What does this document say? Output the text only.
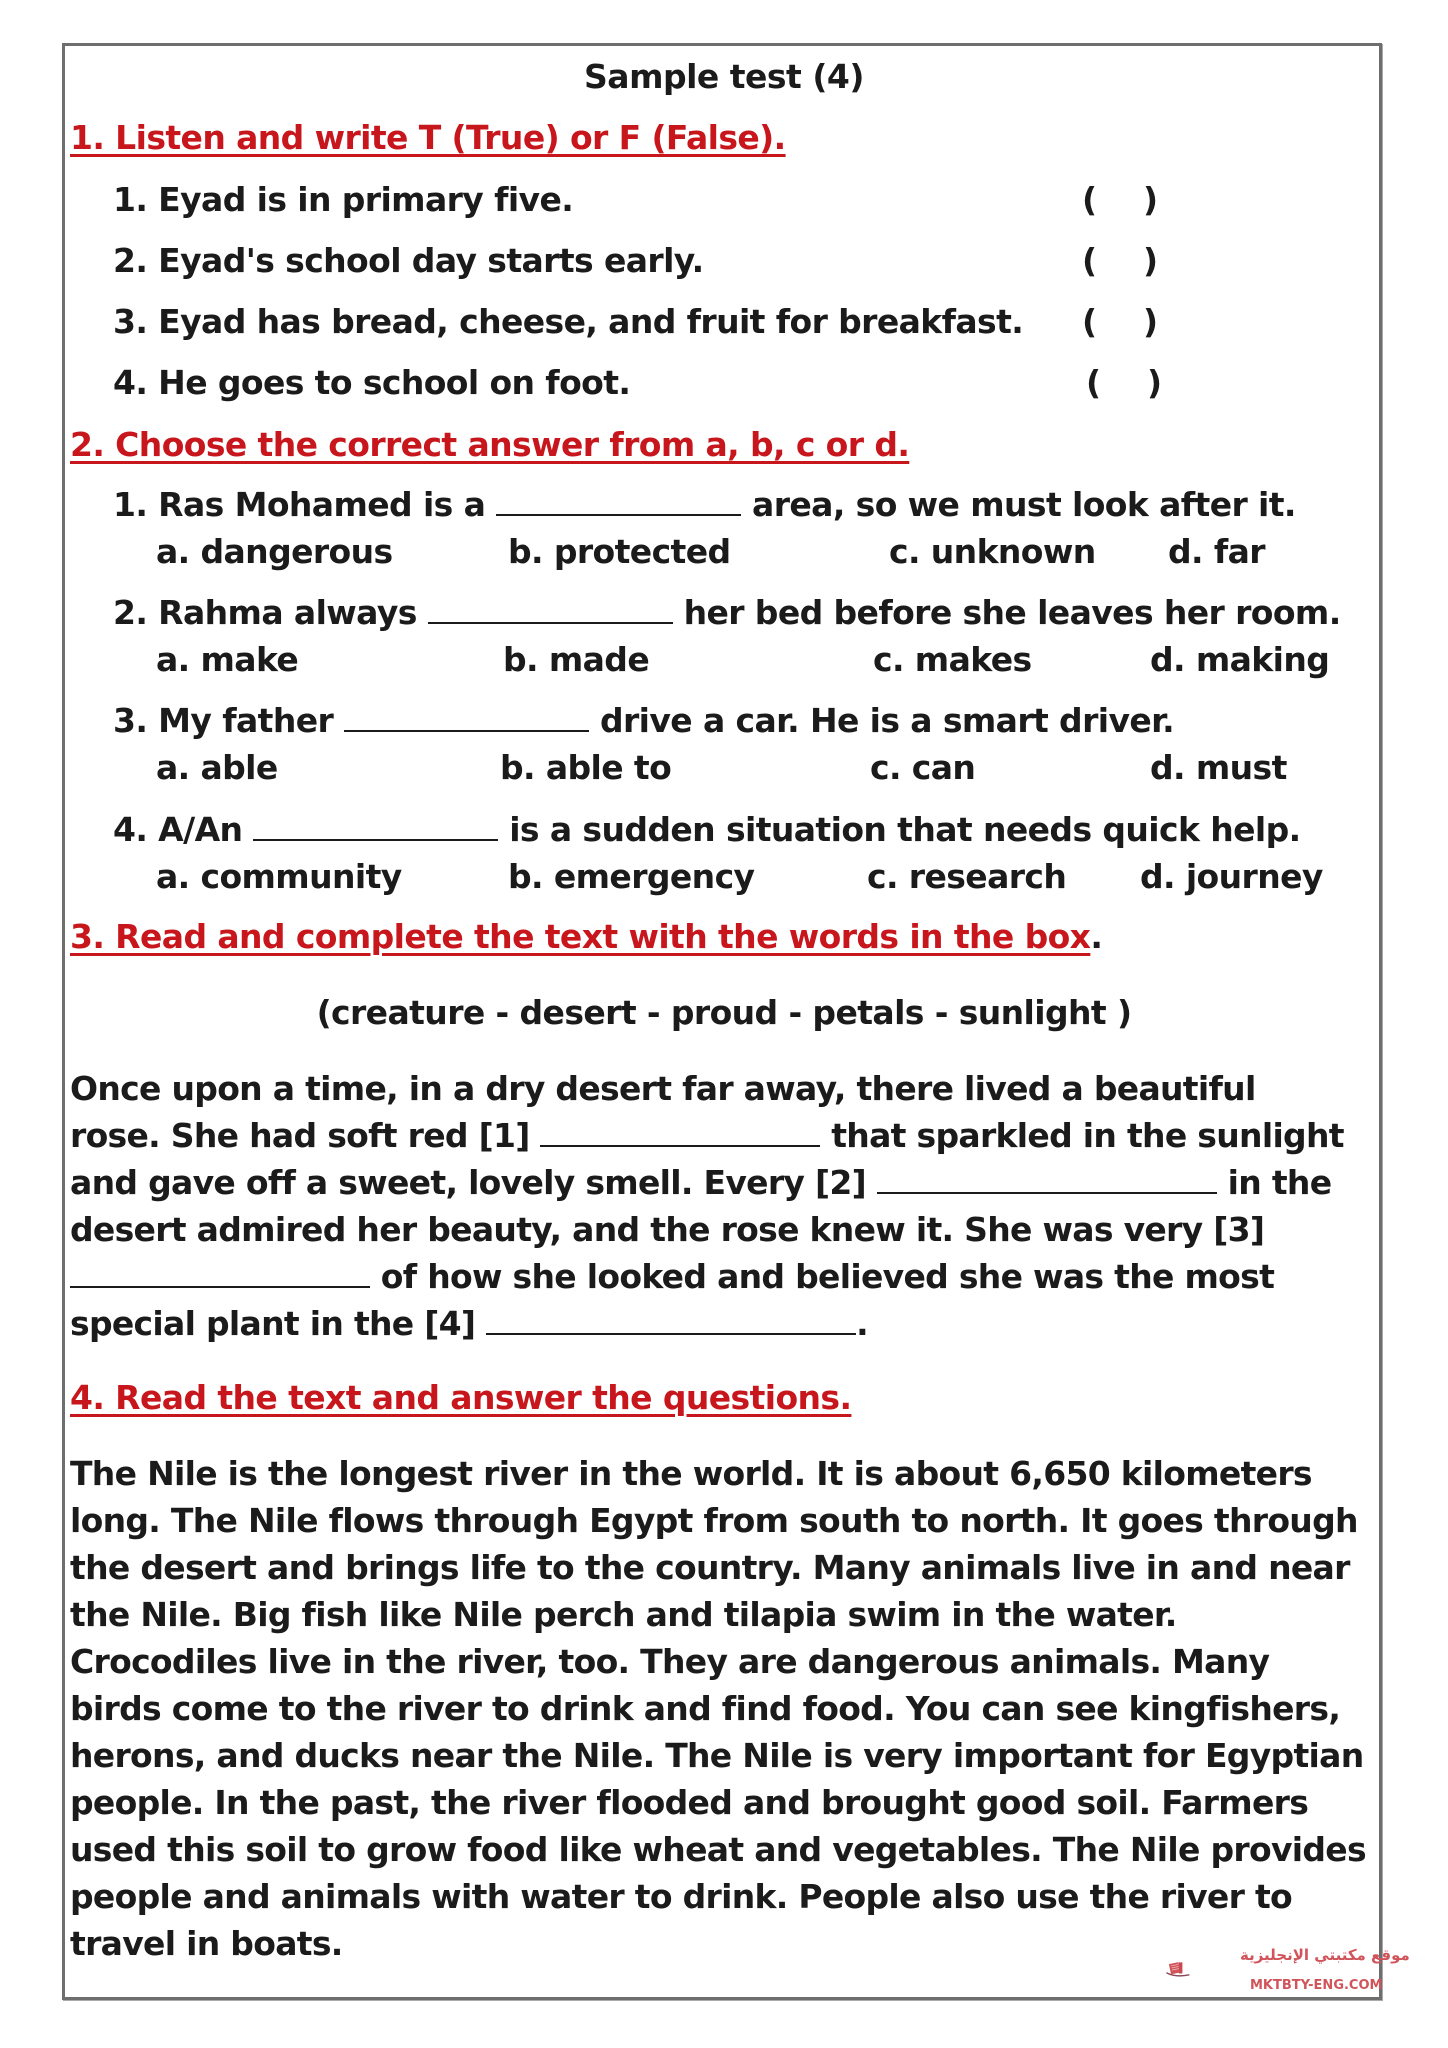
Sample test (4)
1. Listen and write T (True) or F (False).
1. Eyad is in primary five.	(    )
2. Eyad's school day starts early.	(    )
3. Eyad has bread, cheese, and fruit for breakfast. (    )
4. He goes to school on foot.	(    )
2. Choose the correct answer from a, b, c or d.
1. Ras Mohamed is a	area, so we must look after it.
a. dangerous	b. protected	c. unknown d. far
2. Rahma always	her bed before she leaves her room.
a. make	b. made	c. makes	d. making
3. My father	drive a car. He is a smart driver.
a. able	b. able to	c. can	d. must
4. A/An	is a sudden situation that needs quick help.
a. community	b. emergency	c. research d. journey
3. Read and complete the text with the words in the box.
(creature - desert - proud - petals - sunlight )
Once upon a time, in a dry desert far away, there lived a beautiful
rose. She had soft red [1]	that sparkled in the sunlight
and gave off a sweet, lovely smell. Every [2]	in the
desert admired her beauty, and the rose knew it. She was very [3]
of how she looked and believed she was the most
special plant in the [4]	.
4. Read the text and answer the questions.
The Nile is the longest river in the world. It is about 6,650 kilometers
long. The Nile flows through Egypt from south to north. It goes through
the desert and brings life to the country. Many animals live in and near
the Nile. Big fish like Nile perch and tilapia swim in the water.
Crocodiles live in the river, too. They are dangerous animals. Many
birds come to the river to drink and find food. You can see kingfishers,
herons, and ducks near the Nile. The Nile is very important for Egyptian
people. In the past, the river flooded and brought good soil. Farmers
used this soil to grow food like wheat and vegetables. The Nile provides
people and animals with water to drink. People also use the river to
travel in boats.	موقع مكتبتي الإنجليزية
MKTBTY-ENG.COM
